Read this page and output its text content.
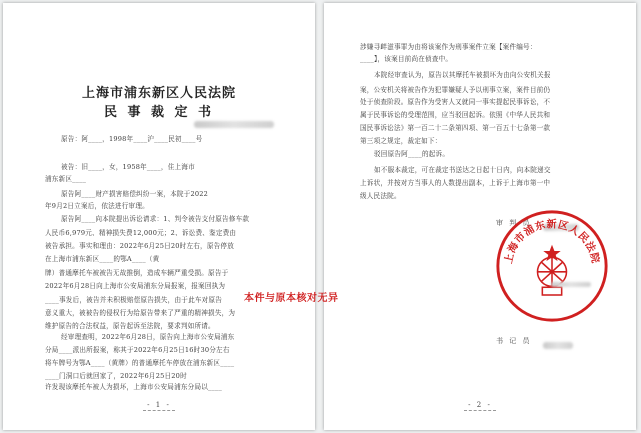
上海市浦东新区人民法院
民 事 裁 定 书
原告：阿____，1998年____沪____民初____号
被告：旧____，女，1958年____，住上海市
浦东新区____
原告阿____财产损害赔偿纠纷一案，本院于2022
年9月2日立案后，依法进行审理。
原告阿____向本院提出诉讼请求：1、判令被告支付原告修车款
人民币6,979元、精神损失费12,000元；2、诉讼费、鉴定费由
被告承担。事实和理由：2022年6月25日20时左右，原告停放
在上海市浦东新区____的鄂A____（黄
牌）普通摩托车被被告无故推倒，造成车辆严重受损。原告于
2022年6月28日向上海市公安局浦东分局报案，报案回执为
____事发后，被告并未积极赔偿原告损失，由于此车对原告
意义重大，被被告的侵权行为给原告带来了严重的精神损失，为
维护原告的合法权益，原告起诉至法院，要求判如所请。
经审理查明，2022年6月28日，原告向上海市公安局浦东
分局____派出所报案，称其于2022年6月25日16时30分左右
将车牌号为鄂A____（黄牌）的普通摩托车停放在浦东新区____
____门洞口后就回家了，2022年6月25日20时
许发现该摩托车被人为损坏，上海市公安局浦东分局以____
- 1 -
涉嫌寻衅滋事罪为由将该案作为刑事案件立案【案件编号：
____】，该案目前尚在侦查中。
本院经审查认为，原告以其摩托车被损坏为由向公安机关报
案，公安机关将被告作为犯罪嫌疑人予以刑事立案，案件目前仍
处于侦查阶段。原告作为受害人又就同一事实提起民事诉讼，不
属于民事诉讼的受理范围，应当驳回起诉。依照《中华人民共和
国民事诉讼法》第一百二十二条第四项、第一百五十七条第一款
第三项之规定，裁定如下：
驳回原告阿____的起诉。
如不服本裁定，可在裁定书送达之日起十日内，向本院递交
上诉状，并按对方当事人的人数提出副本，上诉于上海市第一中
级人民法院。
审 判 员
上海市浦东新区人民法院
书 记 员
- 2 -
本件与原本核对无异
